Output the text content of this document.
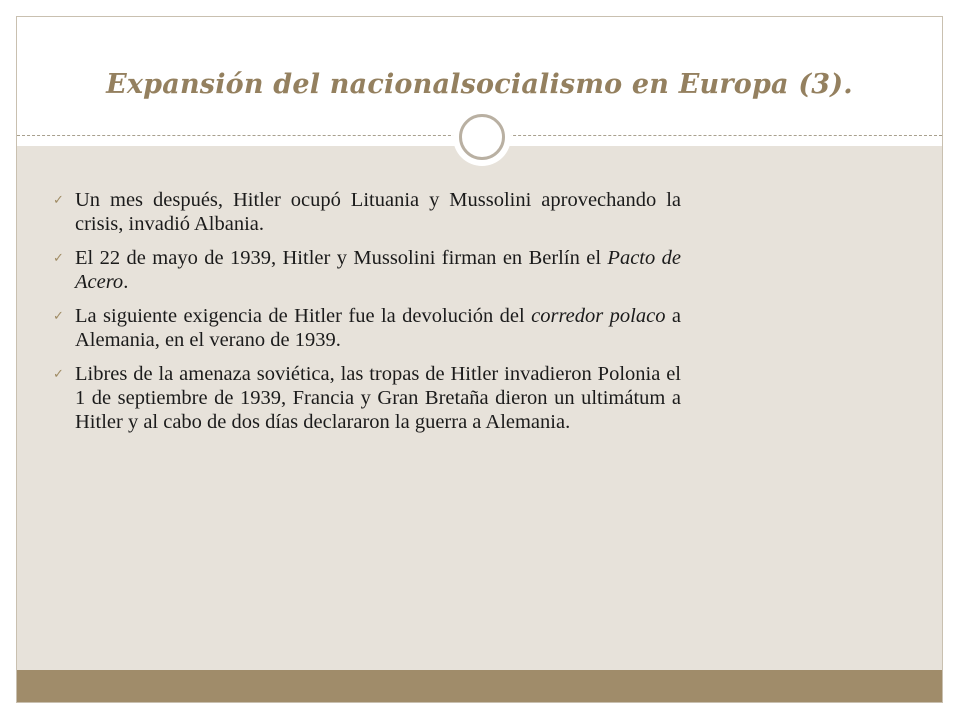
Expansión del nacionalsocialismo en Europa (3).
✓ Un mes después, Hitler ocupó Lituania y Mussolini aprovechando la crisis, invadió Albania.
✓ El 22 de mayo de 1939, Hitler y Mussolini firman en Berlín el Pacto de Acero.
✓ La siguiente exigencia de Hitler fue la devolución del corredor polaco a Alemania, en el verano de 1939.
✓ Libres de la amenaza soviética, las tropas de Hitler invadieron Polonia el 1 de septiembre de 1939, Francia y Gran Bretaña dieron un ultimátum a Hitler y al cabo de dos días declararon la guerra a Alemania.
